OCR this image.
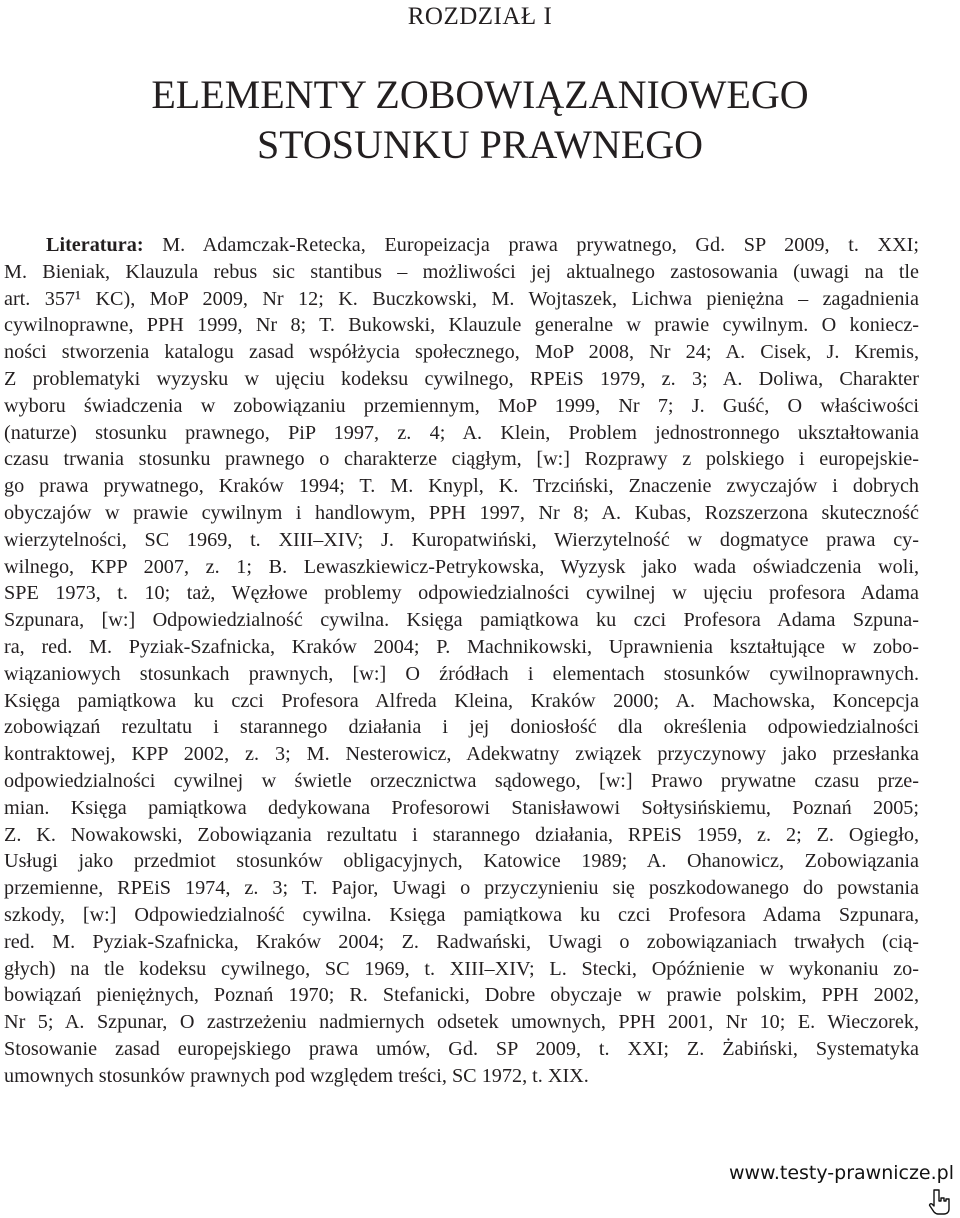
ROZDZIAŁ I
ELEMENTY ZOBOWIĄZANIOWEGO
STOSUNKU PRAWNEGO
Literatura: M. Adamczak-Retecka, Europeizacja prawa prywatnego, Gd. SP 2009, t. XXI;
M. Bieniak, Klauzula rebus sic stantibus – możliwości jej aktualnego zastosowania (uwagi na tle
art. 357¹ KC), MoP 2009, Nr 12; K. Buczkowski, M. Wojtaszek, Lichwa pieniężna – zagadnienia
cywilnoprawne, PPH 1999, Nr 8; T. Bukowski, Klauzule generalne w prawie cywilnym. O koniecz-
ności stworzenia katalogu zasad współżycia społecznego, MoP 2008, Nr 24; A. Cisek, J. Kremis,
Z problematyki wyzysku w ujęciu kodeksu cywilnego, RPEiS 1979, z. 3; A. Doliwa, Charakter
wyboru świadczenia w zobowiązaniu przemiennym, MoP 1999, Nr 7; J. Guść, O właściwości
(naturze) stosunku prawnego, PiP 1997, z. 4; A. Klein, Problem jednostronnego ukształtowania
czasu trwania stosunku prawnego o charakterze ciągłym, [w:] Rozprawy z polskiego i europejskie-
go prawa prywatnego, Kraków 1994; T. M. Knypl, K. Trzciński, Znaczenie zwyczajów i dobrych
obyczajów w prawie cywilnym i handlowym, PPH 1997, Nr 8; A. Kubas, Rozszerzona skuteczność
wierzytelności, SC 1969, t. XIII–XIV; J. Kuropatwiński, Wierzytelność w dogmatyce prawa cy-
wilnego, KPP 2007, z. 1; B. Lewaszkiewicz-Petrykowska, Wyzysk jako wada oświadczenia woli,
SPE 1973, t. 10; taż, Węzłowe problemy odpowiedzialności cywilnej w ujęciu profesora Adama
Szpunara, [w:] Odpowiedzialność cywilna. Księga pamiątkowa ku czci Profesora Adama Szpuna-
ra, red. M. Pyziak-Szafnicka, Kraków 2004; P. Machnikowski, Uprawnienia kształtujące w zobo-
wiązaniowych stosunkach prawnych, [w:] O źródłach i elementach stosunków cywilnoprawnych.
Księga pamiątkowa ku czci Profesora Alfreda Kleina, Kraków 2000; A. Machowska, Koncepcja
zobowiązań rezultatu i starannego działania i jej doniosłość dla określenia odpowiedzialności
kontraktowej, KPP 2002, z. 3; M. Nesterowicz, Adekwatny związek przyczynowy jako przesłanka
odpowiedzialności cywilnej w świetle orzecznictwa sądowego, [w:] Prawo prywatne czasu prze-
mian. Księga pamiątkowa dedykowana Profesorowi Stanisławowi Sołtysińskiemu, Poznań 2005;
Z. K. Nowakowski, Zobowiązania rezultatu i starannego działania, RPEiS 1959, z. 2; Z. Ogiegło,
Usługi jako przedmiot stosunków obligacyjnych, Katowice 1989; A. Ohanowicz, Zobowiązania
przemienne, RPEiS 1974, z. 3; T. Pajor, Uwagi o przyczynieniu się poszkodowanego do powstania
szkody, [w:] Odpowiedzialność cywilna. Księga pamiątkowa ku czci Profesora Adama Szpunara,
red. M. Pyziak-Szafnicka, Kraków 2004; Z. Radwański, Uwagi o zobowiązaniach trwałych (cią-
głych) na tle kodeksu cywilnego, SC 1969, t. XIII–XIV; L. Stecki, Opóźnienie w wykonaniu zo-
bowiązań pieniężnych, Poznań 1970; R. Stefanicki, Dobre obyczaje w prawie polskim, PPH 2002,
Nr 5; A. Szpunar, O zastrzeżeniu nadmiernych odsetek umownych, PPH 2001, Nr 10; E. Wieczorek,
Stosowanie zasad europejskiego prawa umów, Gd. SP 2009, t. XXI; Z. Żabiński, Systematyka
umownych stosunków prawnych pod względem treści, SC 1972, t. XIX.
www.testy-prawnicze.pl
